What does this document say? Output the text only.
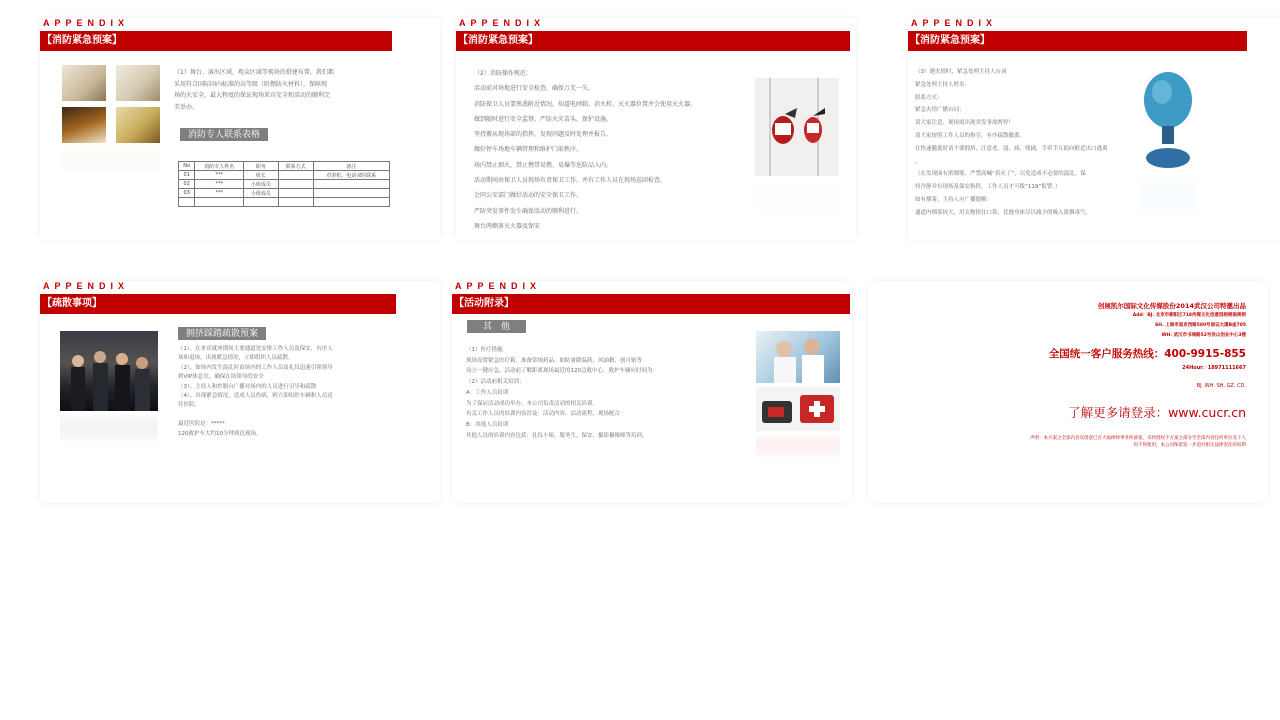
APPENDIX
【消防紧急预案】

（1）舞台、演出区域、观众区域等现场的搭建布置，我们都

采用符合国际国内标准的高等级（阻燃防火材料），保障现

场的火安全，最大程度的保证现场来宾安全和活动的顺利完

美举办。

消防专人联系表格
No	消防专人姓名	职务	联系方式	备注
01	***	组长		对讲机、电话双时联系
02	***	小组成员		
03	***	小组成员		

APPENDIX
【消防紧急预案】

（2）消防操作规范：

活动前对场地进行安全检查，确保万无一失。

消防保卫人员要熟悉附近情况，知道电闸箱、消火栓、灭火器位置并会使用灭火器。

做到随时进行安全监督，严防火灾苗头，保护设施。

坚持搬从现场部的指挥，发现问题及时处理并报告。

做好停车场地车辆管理和维护门前秩序。

场内禁止烟火，禁止携带易燃、易爆等危险品入内。

活动期间由保卫人员现场负责保卫工作，并有工作人员在现场巡回检查。

会同公安部门做好活动的安全保卫工作。

严防突发事件发生确保活动的顺利进行。

舞台两侧备灭火器及保安

APPENDIX
【消防紧急预案】

（3）遇火情时，紧急处理主持人台词

紧急处理主持人姓名：

联系方式：

紧急火情广播台词：

请大家注意，现场需出现突发事故暂停！

请大家按照工作人员的指引，有序疏散撤离。

在快速撤离时请不要拥挤，注意老、弱、病、残辅，手牵手互助向附近出口逃离

，

（在发现面有浓烟雾，严禁高喊“着火了”，以免造成不必要的混乱。保

持冷静并有现场及保安指挥，工作人员才可拨“119”报警。）

如有烟雾，主持人应广播提醒：

通道内烟雾较大，用衣物捂住口鼻，伏地身体尽以减少的吸入浓烟毒气。

APPENDIX
【疏散事项】
拥挤踩踏疏散预案

（1）、在来宾就座期间主要通道处安排工作人员及保安，有序人

场和退场，出现紧急情况，立即组织人员疏散。

（2）、如场内发生混乱时由场内的工作人员及礼仪迅速引领领导

到VIP休息室，确保在场领导的安全

（3）、主持人和控制台广播对场内的人员进行引导和疏散

（4）、出现紧急情况，造成人员伤病，则立即组织车辆和人员送

往医院。

最近医院是：*****

120救护车大约10分钟到达现场。

APPENDIX
【活动附录】
其　他

（1）医疗措施：

现场设置紧急医疗箱，准备常规药品，如防暑降温药、风油精、创可贴等

设立一键应急，活动前了解距离现场最近的120急救中心，救护车辆应时间为：

（2）活动前相关培训：

A：工作人员培训

为了保证活动成功举办，本公司负责活动的相关培训。

有关工作人员的培训内容涉及：活动内容、活动流程、现场配合

B：其他人员培训

其他人员的培训内容包括：礼仪小姐、服务生、保安、摄影摄像师等培训。

创展凯尔国际文化传媒股份2014武汉公司特邀出品

Add：BJ. 北京市朝阳区718传媒文化创意园梧桐南街梧

SH. 上海市南京西路580号南证大厦B座705

WH. 武汉市书城路52号洪山创业中心3楼

全国统一客户服务热线：400-9915-855
24Hour：18971111667
BJ. WH. SH. GZ. CD.
了解更多请登录：www.cucr.cn

声明：本方案之全部内容及创意已在大福律师事务所备案，未经授权不方案之部分至全部内容任何单位及个人

均不得使用，本公司保留追一步追究相关法律责任的权利
